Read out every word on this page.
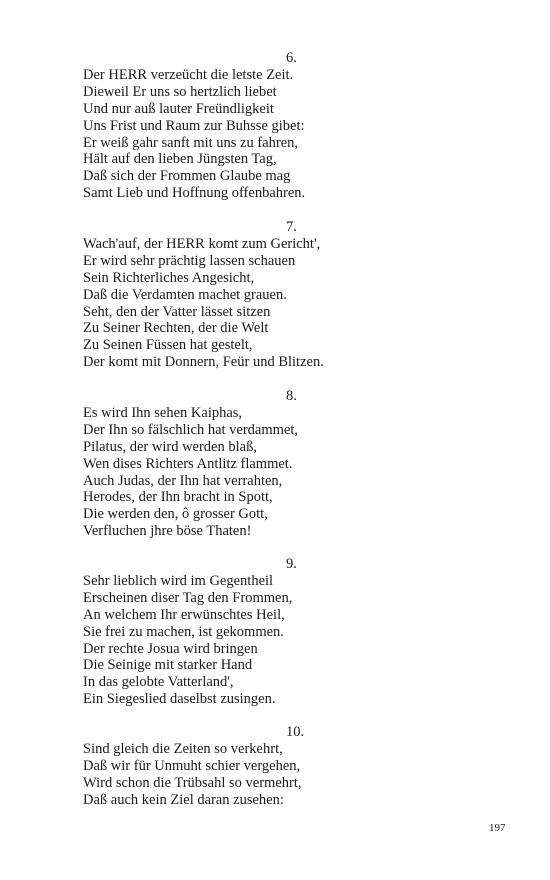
6.
Der HERR verzeücht die letste Zeit.
Dieweil Er uns so hertzlich liebet
Und nur auß lauter Freündligkeit
Uns Frist und Raum zur Buhsse gibet:
Er weiß gahr sanft mit uns zu fahren,
Hält auf den lieben Jüngsten Tag,
Daß sich der Frommen Glaube mag
Samt Lieb und Hoffnung offenbahren.
7.
Wach'auf, der HERR komt zum Gericht',
Er wird sehr prächtig lassen schauen
Sein Richterliches Angesicht,
Daß die Verdamten machet grauen.
Seht, den der Vatter lässet sitzen
Zu Seiner Rechten, der die Welt
Zu Seinen Füssen hat gestelt,
Der komt mit Donnern, Feür und Blitzen.
8.
Es wird Ihn sehen Kaiphas,
Der Ihn so fälschlich hat verdammet,
Pilatus, der wird werden blaß,
Wen dises Richters Antlitz flammet.
Auch Judas, der Ihn hat verrahten,
Herodes, der Ihn bracht in Spott,
Die werden den, ô grosser Gott,
Verfluchen jhre böse Thaten!
9.
Sehr lieblich wird im Gegentheil
Erscheinen diser Tag den Frommen,
An welchem Ihr erwünschtes Heil,
Sie frei zu machen, ist gekommen.
Der rechte Josua wird bringen
Die Seinige mit starker Hand
In das gelobte Vatterland',
Ein Siegeslied daselbst zusingen.
10.
Sind gleich die Zeiten so verkehrt,
Daß wir für Unmuht schier vergehen,
Wird schon die Trübsahl so vermehrt,
Daß auch kein Ziel daran zusehen:
197
